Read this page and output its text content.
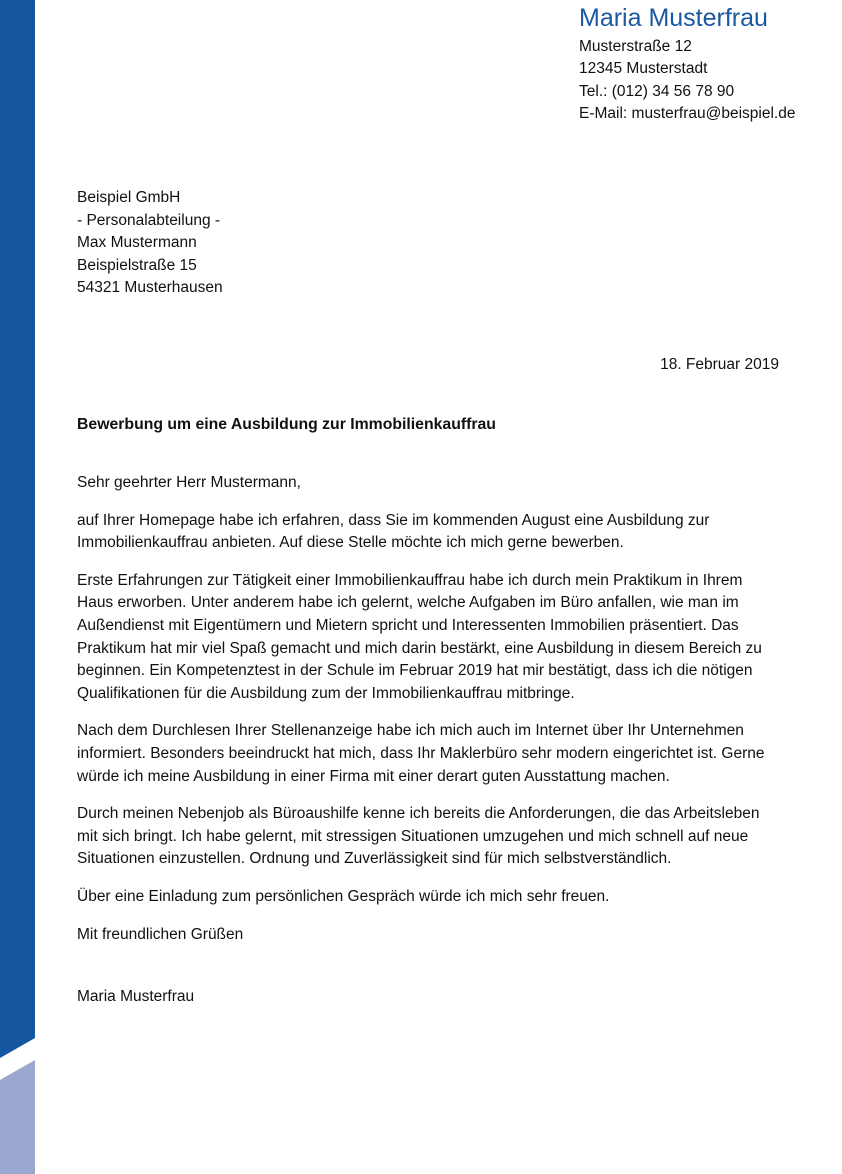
Maria Musterfrau
Musterstraße 12
12345 Musterstadt
Tel.: (012) 34 56 78 90
E-Mail: musterfrau@beispiel.de
Beispiel GmbH
- Personalabteilung -
Max Mustermann
Beispielstraße 15
54321 Musterhausen
18. Februar 2019
Bewerbung um eine Ausbildung zur Immobilienkauffrau

Sehr geehrter Herr Mustermann,

auf Ihrer Homepage habe ich erfahren, dass Sie im kommenden August eine Ausbildung zur Immobilienkauffrau anbieten. Auf diese Stelle möchte ich mich gerne bewerben.

Erste Erfahrungen zur Tätigkeit einer Immobilienkauffrau habe ich durch mein Praktikum in Ihrem Haus erworben. Unter anderem habe ich gelernt, welche Aufgaben im Büro anfallen, wie man im Außendienst mit Eigentümern und Mietern spricht und Interessenten Immobilien präsentiert. Das Praktikum hat mir viel Spaß gemacht und mich darin bestärkt, eine Ausbildung in diesem Bereich zu beginnen. Ein Kompetenztest in der Schule im Februar 2019 hat mir bestätigt, dass ich die nötigen Qualifikationen für die Ausbildung zum der Immobilienkauffrau mitbringe.

Nach dem Durchlesen Ihrer Stellenanzeige habe ich mich auch im Internet über Ihr Unternehmen informiert. Besonders beeindruckt hat mich, dass Ihr Maklerbüro sehr modern eingerichtet ist. Gerne würde ich meine Ausbildung in einer Firma mit einer derart guten Ausstattung machen.

Durch meinen Nebenjob als Büroaushilfe kenne ich bereits die Anforderungen, die das Arbeitsleben mit sich bringt. Ich habe gelernt, mit stressigen Situationen umzugehen und mich schnell auf neue Situationen einzustellen. Ordnung und Zuverlässigkeit sind für mich selbstverständlich.

Über eine Einladung zum persönlichen Gespräch würde ich mich sehr freuen.

Mit freundlichen Grüßen

Maria Musterfrau
